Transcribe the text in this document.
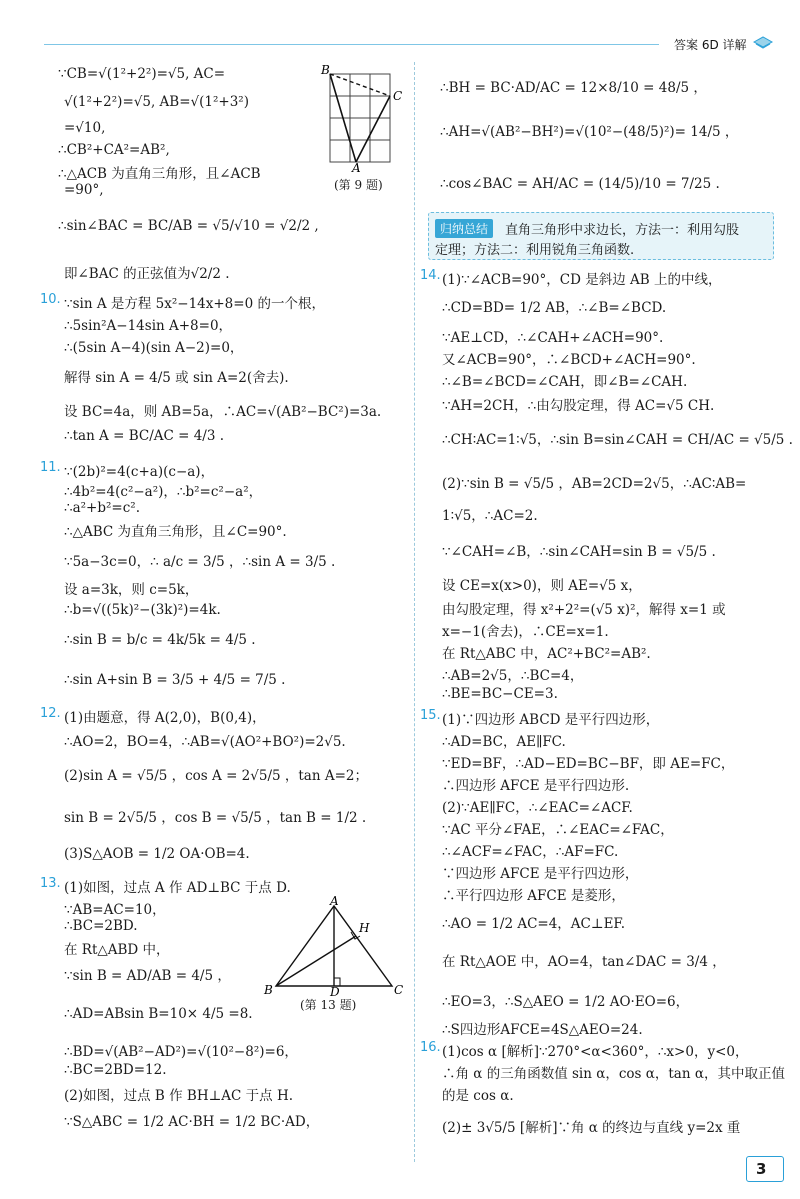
答案 6D 详解
∵CB=√(1²+2²)=√5, AC=
√(1²+2²)=√5, AB=√(1²+3²)
=√10,
∴CB²+CA²=AB²,
∴△ACB 为直角三角形，且∠ACB
=90°,
∴sin∠BAC = BC/AB = √5/√10 = √2/2 ,
即∠BAC 的正弦值为√2/2 .
B
C
A
(第 9 题)
10. ∵sin A 是方程 5x²−14x+8=0 的一个根，
∴5sin²A−14sin A+8=0，
∴(5sin A−4)(sin A−2)=0，
解得 sin A = 4/5 或 sin A=2(舍去).
设 BC=4a，则 AB=5a，∴AC=√(AB²−BC²)=3a.
∴tan A = BC/AC = 4/3 .
11. ∵(2b)²=4(c+a)(c−a)，
∴4b²=4(c²−a²)，∴b²=c²−a²，
∴a²+b²=c².
∴△ABC 为直角三角形，且∠C=90°.
∵5a−3c=0，∴ a/c = 3/5 ，∴sin A = 3/5 .
设 a=3k，则 c=5k，
∴b=√((5k)²−(3k)²)=4k.
∴sin B = b/c = 4k/5k = 4/5 .
∴sin A+sin B = 3/5 + 4/5 = 7/5 .
12. (1)由题意，得 A(2,0)，B(0,4)，
∴AO=2，BO=4，∴AB=√(AO²+BO²)=2√5.
(2)sin A = √5/5 ，cos A = 2√5/5 ，tan A=2；
sin B = 2√5/5 ，cos B = √5/5 ，tan B = 1/2 .
(3)S△AOB = 1/2 OA·OB=4.
13. (1)如图，过点 A 作 AD⊥BC 于点 D.
∵AB=AC=10，
∴BC=2BD.
在 Rt△ABD 中，
∵sin B = AD/AB = 4/5 ，
∴AD=ABsin B=10× 4/5 =8.
∴BD=√(AB²−AD²)=√(10²−8²)=6，
∴BC=2BD=12.
(2)如图，过点 B 作 BH⊥AC 于点 H.
∵S△ABC = 1/2 AC·BH = 1/2 BC·AD，
A
H
B	D	C
(第 13 题)
∴BH = BC·AD/AC = 12×8/10 = 48/5 ，
∴AH=√(AB²−BH²)=√(10²−(48/5)²)= 14/5 ，
∴cos∠BAC = AH/AC = (14/5)/10 = 7/25 .
归纳总结	直角三角形中求边长，方法一：利用勾股
定理；方法二：利用锐角三角函数.
14. (1)∵∠ACB=90°，CD 是斜边 AB 上的中线，
∴CD=BD= 1/2 AB，∴∠B=∠BCD.
∵AE⊥CD，∴∠CAH+∠ACH=90°.
又∠ACB=90°，∴∠BCD+∠ACH=90°.
∴∠B=∠BCD=∠CAH，即∠B=∠CAH.
∵AH=2CH，∴由勾股定理，得 AC=√5 CH.
∴CH∶AC=1∶√5，∴sin B=sin∠CAH = CH/AC = √5/5 .
(2)∵sin B = √5/5 ，AB=2CD=2√5，∴AC∶AB=
1∶√5，∴AC=2.
∵∠CAH=∠B，∴sin∠CAH=sin B = √5/5 .
设 CE=x(x>0)，则 AE=√5 x，
由勾股定理，得 x²+2²=(√5 x)²，解得 x=1 或
x=−1(舍去)，∴CE=x=1.
在 Rt△ABC 中，AC²+BC²=AB².
∴AB=2√5，∴BC=4，
∴BE=BC−CE=3.
15. (1)∵四边形 ABCD 是平行四边形，
∴AD=BC，AE∥FC.
∵ED=BF，∴AD−ED=BC−BF，即 AE=FC，
∴四边形 AFCE 是平行四边形.
(2)∵AE∥FC，∴∠EAC=∠ACF.
∵AC 平分∠FAE，∴∠EAC=∠FAC，
∴∠ACF=∠FAC，∴AF=FC.
∵四边形 AFCE 是平行四边形，
∴平行四边形 AFCE 是菱形，
∴AO = 1/2 AC=4，AC⊥EF.
在 Rt△AOE 中，AO=4，tan∠DAC = 3/4 ，
∴EO=3，∴S△AEO = 1/2 AO·EO=6，
∴S四边形AFCE=4S△AEO=24.
16. (1)cos α [解析]∵270°<α<360°，∴x>0，y<0，
∴角 α 的三角函数值 sin α，cos α，tan α，其中取正值
的是 cos α.
(2)± 3√5/5 [解析]∵角 α 的终边与直线 y=2x 重
3
